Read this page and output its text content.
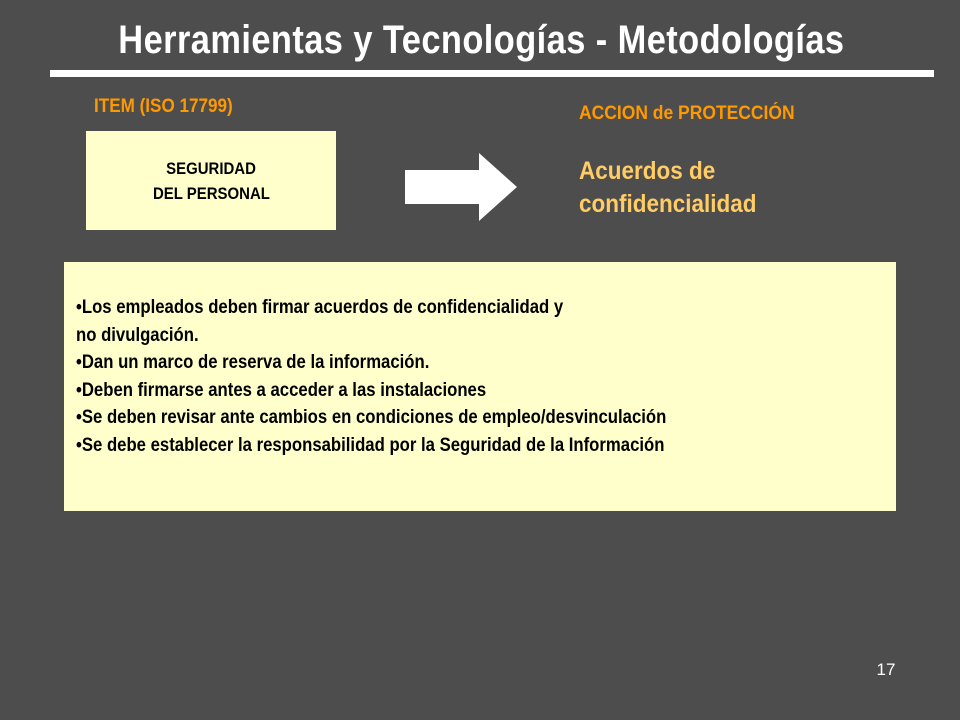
Herramientas y Tecnologías - Metodologías
ITEM (ISO 17799)	ACCION de PROTECCIÓN
SEGURIDAD
DEL PERSONAL
Acuerdos de
confidencialidad
•Los empleados deben firmar acuerdos de confidencialidad y
no divulgación.
•Dan un marco de reserva de la información.
•Deben firmarse antes a acceder a las instalaciones
•Se deben revisar ante cambios en condiciones de empleo/desvinculación
•Se debe establecer la responsabilidad por la Seguridad de la Información
17
